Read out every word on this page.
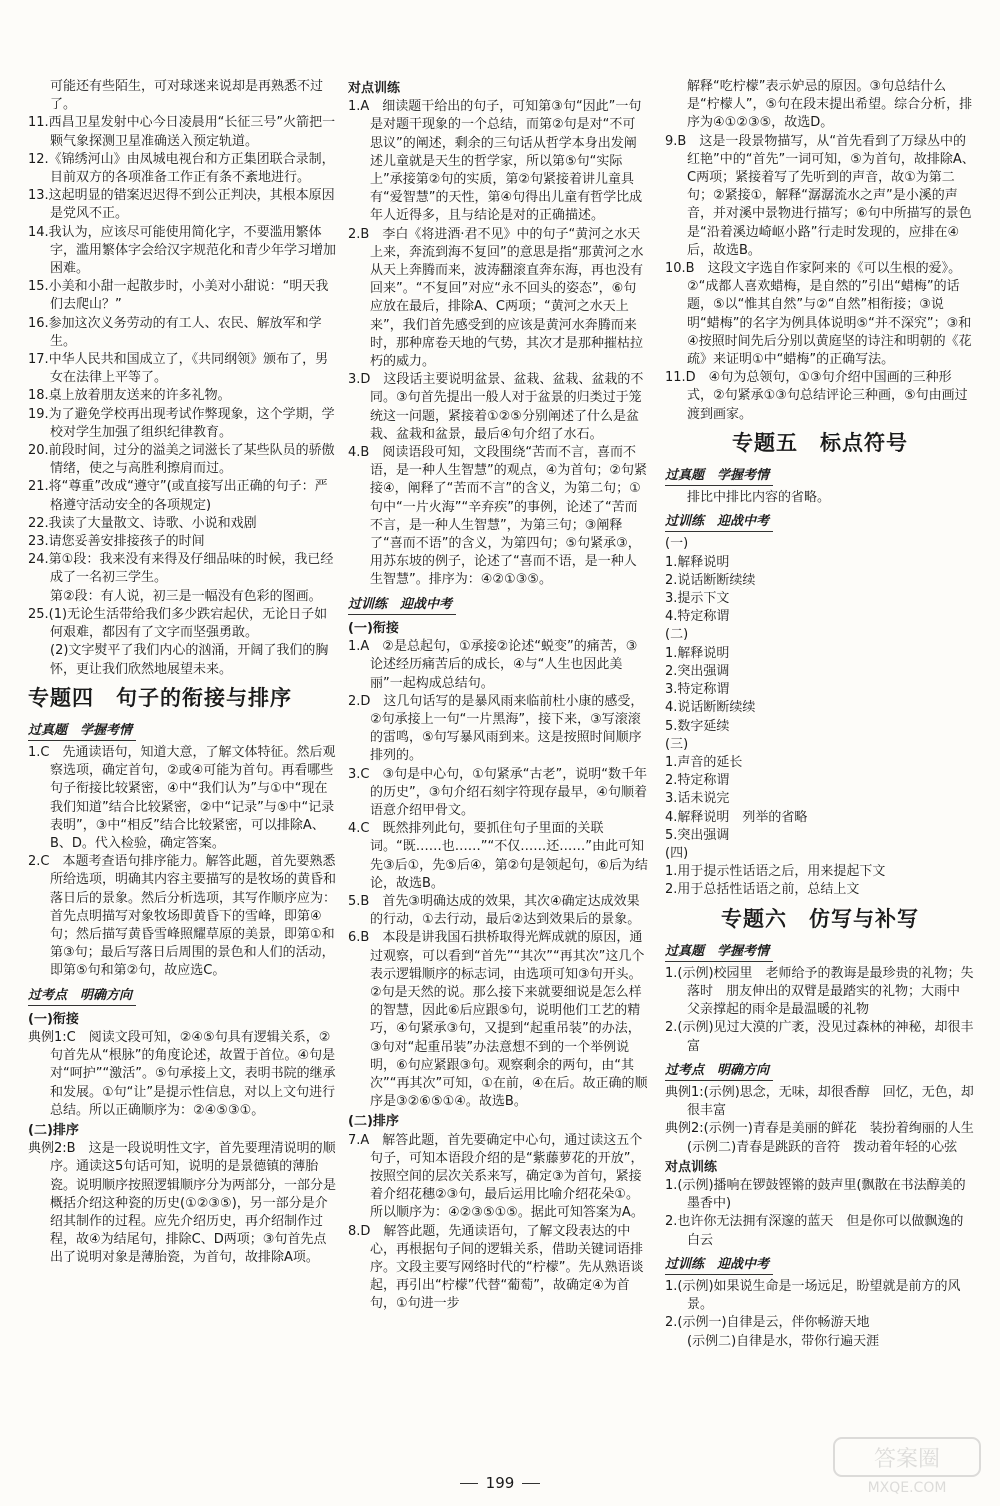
可能还有些陌生，可对球迷来说却是再熟悉不过了。

11.西昌卫星发射中心今日凌晨用“长征三号”火箭把一颗气象探测卫星准确送入预定轨道。

12.《锦绣河山》由凤城电视台和方正集团联合录制，目前双方的各项准备工作正有条不紊地进行。

13.这起明显的错案迟迟得不到公正判决，其根本原因是党风不正。

14.我认为，应该尽可能使用简化字，不要滥用繁体字，滥用繁体字会给汉字规范化和青少年学习增加困难。

15.小美和小甜一起散步时，小美对小甜说：“明天我们去爬山？”

16.参加这次义务劳动的有工人、农民、解放军和学生。

17.中华人民共和国成立了，《共同纲领》颁布了，男女在法律上平等了。

18.桌上放着朋友送来的许多礼物。

19.为了避免学校再出现考试作弊现象，这个学期，学校对学生加强了组织纪律教育。

20.前段时间，过分的溢美之词滋长了某些队员的骄傲情绪，使之与高胜利擦肩而过。

21.将“尊重”改成“遵守”(或直接写出正确的句子：严格遵守活动安全的各项规定)

22.我读了大量散文、诗歌、小说和戏剧

23.请您妥善安排接孩子的时间

24.第①段：我来没有来得及仔细品味的时候，我已经成了一名初三学生。

第②段：有人说，初三是一幅没有色彩的图画。

25.(1)无论生活带给我们多少跌宕起伏，无论日子如何艰难，都因有了文字而坚强勇敢。

(2)文字熨平了我们内心的汹涌，开阔了我们的胸怀，更让我们欣然地展望未来。

专题四　句子的衔接与排序
过真题　学握考情

1.C　先通读语句，知道大意，了解文体特征。然后观察选项，确定首句，②或④可能为首句。再看哪些句子衔接比较紧密，④中“我们认为”与①中“现在我们知道”结合比较紧密，②中“记录”与⑤中“记录表明”，③中“相反”结合比较紧密，可以排除A、B、D。代入检验，确定答案。

2.C　本题考查语句排序能力。解答此题，首先要熟悉所给选项，明确其内容主要描写的是牧场的黄昏和落日后的景象。然后分析选项，其写作顺序应为：首先点明描写对象牧场即黄昏下的雪峰，即第④句；然后描写黄昏雪峰照耀草原的美景，即第①和第③句；最后写落日后周围的景色和人们的活动，即第⑤句和第②句，故应选C。

过考点　明确方向
(一)衔接

典例1:C　阅读文段可知，②④⑤句具有逻辑关系，②句首先从“根脉”的角度论述，故置于首位。④句是对“呵护”“激活”。⑤句承接上文，表明书院的继承和发展。①句“让”是提示性信息，对以上文句进行总结。所以正确顺序为：②④⑤③①。

(二)排序

典例2:B　这是一段说明性文字，首先要理清说明的顺序。通读这5句话可知，说明的是景德镇的薄胎瓷。说明顺序按照逻辑顺序分为两部分，一部分是概括介绍这种瓷的历史(①②③⑤)，另一部分是介绍其制作的过程。应先介绍历史，再介绍制作过程，故④为结尾句，排除C、D两项；③句首先点出了说明对象是薄胎瓷，为首句，故排除A项。

对点训练

1.A　细读题干给出的句子，可知第③句“因此”一句是对题干现象的一个总结，而第②句是对“不可思议”的阐述，剩余的三句话从哲学本身出发阐述儿童就是天生的哲学家，所以第⑤句“实际上”承接第②句的实质，第②句紧接着讲儿童具有“爱智慧”的天性，第④句得出儿童有哲学比成年人近得多，且与结论是对的正确描述。

2.B　李白《将进酒·君不见》中的句子“黄河之水天上来，奔流到海不复回”的意思是指“那黄河之水从天上奔腾而来，波涛翻滚直奔东海，再也没有回来”。“不复回”对应“永不回头的姿态”，⑥句应放在最后，排除A、C两项；“黄河之水天上来”，我们首先感受到的应该是黄河水奔腾而来时，那种席卷天地的气势，其次才是那种摧枯拉朽的威力。

3.D　这段话主要说明盆景、盆栽、盆栽、盆栽的不同。③句首先提出一般人对于盆景的归类过于笼统这一问题，紧接着①②⑤分别阐述了什么是盆栽、盆栽和盆景，最后④句介绍了水石。

4.B　阅读语段可知，文段围绕“苦而不言，喜而不语，是一种人生智慧”的观点，④为首句；②句紧接④，阐释了“苦而不言”的含义，为第二句；①句中“一片火海”“辛弃疾”的事例，论述了“苦而不言，是一种人生智慧”，为第三句；③阐释了“喜而不语”的含义，为第四句；⑤句紧承③，用苏东坡的例子，论述了“喜而不语，是一种人生智慧”。排序为：④②①③⑤。

过训练　迎战中考
(一)衔接

1.A　②是总起句，①承接②论述“蜕变”的痛苦，③论述经历痛苦后的成长，④与“人生也因此美丽”一起构成总结句。

2.D　这几句话写的是暴风雨来临前杜小康的感受，②句承接上一句“一片黑海”，接下来，③写滚滚的雷鸣，⑤句写暴风雨到来。这是按照时间顺序排列的。

3.C　③句是中心句，①句紧承“古老”，说明“数千年的历史”，③句介绍石刻字符现存最早，④句顺着语意介绍甲骨文。

4.C　既然排列此句，要抓住句子里面的关联词。“既……也……”“不仅……还……”由此可知先③后①，先⑤后④，第②句是领起句，⑥后为结论，故选B。

5.B　首先③明确达成的效果，其次④确定达成效果的行动，①去行动，最后②达到效果后的景象。

6.B　本段是讲我国石拱桥取得光辉成就的原因，通过观察，可以看到“首先”“其次”“再其次”这几个表示逻辑顺序的标志词，由选项可知③句开头。②句是天然的说。那么接下来就要细说是怎么样的智慧，因此⑥后应跟⑤句，说明他们工艺的精巧，④句紧承③句，又提到“起重吊装”的办法，③句对“起重吊装”办法意想不到的一个举例说明，⑥句应紧跟③句。观察剩余的两句，由“其次”“再其次”可知，①在前，④在后。故正确的顺序是③②⑥⑤①④。故选B。

(二)排序

7.A　解答此题，首先要确定中心句，通过读这五个句子，可知本语段介绍的是“紫藤萝花的开放”，按照空间的层次关系来写，确定③为首句，紧接着介绍花穗②③句，最后运用比喻介绍花朵①。所以顺序为：④②③⑤①⑤。据此可知答案为A。

8.D　解答此题，先通读语句，了解文段表达的中心，再根据句子间的逻辑关系，借助关键词语排序。文段主要写网络时代的“柠檬”。先从熟语谈起，再引出“柠檬”代替“葡萄”，故确定④为首句，①句进一步

解释“吃柠檬”表示妒忌的原因。③句总结什么是“柠檬人”，⑤句在段末提出希望。综合分析，排序为④①②③⑤，故选D。

9.B　这是一段景物描写，从“首先看到了万绿丛中的红艳”中的“首先”一词可知，⑤为首句，故排除A、C两项；紧接着写了先听到的声音，故①为第二句；②紧接①，解释“潺潺流水之声”是小溪的声音，并对溪中景物进行描写；⑥句中所描写的景色是“沿着溪边崎岖小路”行走时发现的，应排在④后，故选B。

10.B　这段文字选自作家阿来的《可以生根的爱》。②“成都人喜欢蜡梅，是自然的”引出“蜡梅”的话题，⑤以“惟其自然”与②“自然”相衔接；③说明“蜡梅”的名字为例具体说明⑤“并不深究”；③和④按照时间先后分别以黄庭坚的诗注和明朝的《花疏》来证明①中“蜡梅”的正确写法。

11.D　④句为总领句，①③句介绍中国画的三种形式，②句紧承①③句总结评论三种画，⑤句由画过渡到画家。

专题五　标点符号
过真题　学握考情

排比中排比内容的省略。

过训练　迎战中考
(一)

1.解释说明

2.说话断断续续

3.提示下文

4.特定称谓

(二)

1.解释说明

2.突出强调

3.特定称谓

4.说话断断续续

5.数字延续

(三)

1.声音的延长

2.特定称谓

3.话未说完

4.解释说明　列举的省略

5.突出强调

(四)

1.用于提示性话语之后，用来提起下文

2.用于总括性话语之前，总结上文

专题六　仿写与补写
过真题　学握考情

1.(示例)校园里　老师给予的教诲是最珍贵的礼物；失落时　朋友伸出的双臂是最踏实的礼物；大雨中　父亲撑起的雨伞是最温暖的礼物

2.(示例)见过大漠的广袤，没见过森林的神秘，却很丰富

过考点　明确方向

典例1:(示例)思念，无味，却很香醇　回忆，无色，却很丰富

典例2:(示例一)青春是美丽的鲜花　装扮着绚丽的人生

(示例二)青春是跳跃的音符　拨动着年轻的心弦

对点训练

1.(示例)播响在锣鼓铿锵的鼓声里(飘散在书法醇美的墨香中)

2.也许你无法拥有深邃的蓝天　但是你可以做飘逸的白云

过训练　迎战中考

1.(示例)如果说生命是一场远足，盼望就是前方的风景。

2.(示例一)自律是云，伴你畅游天地

(示例二)自律是水，带你行遍天涯

199
答案圈
MXQE.COM
